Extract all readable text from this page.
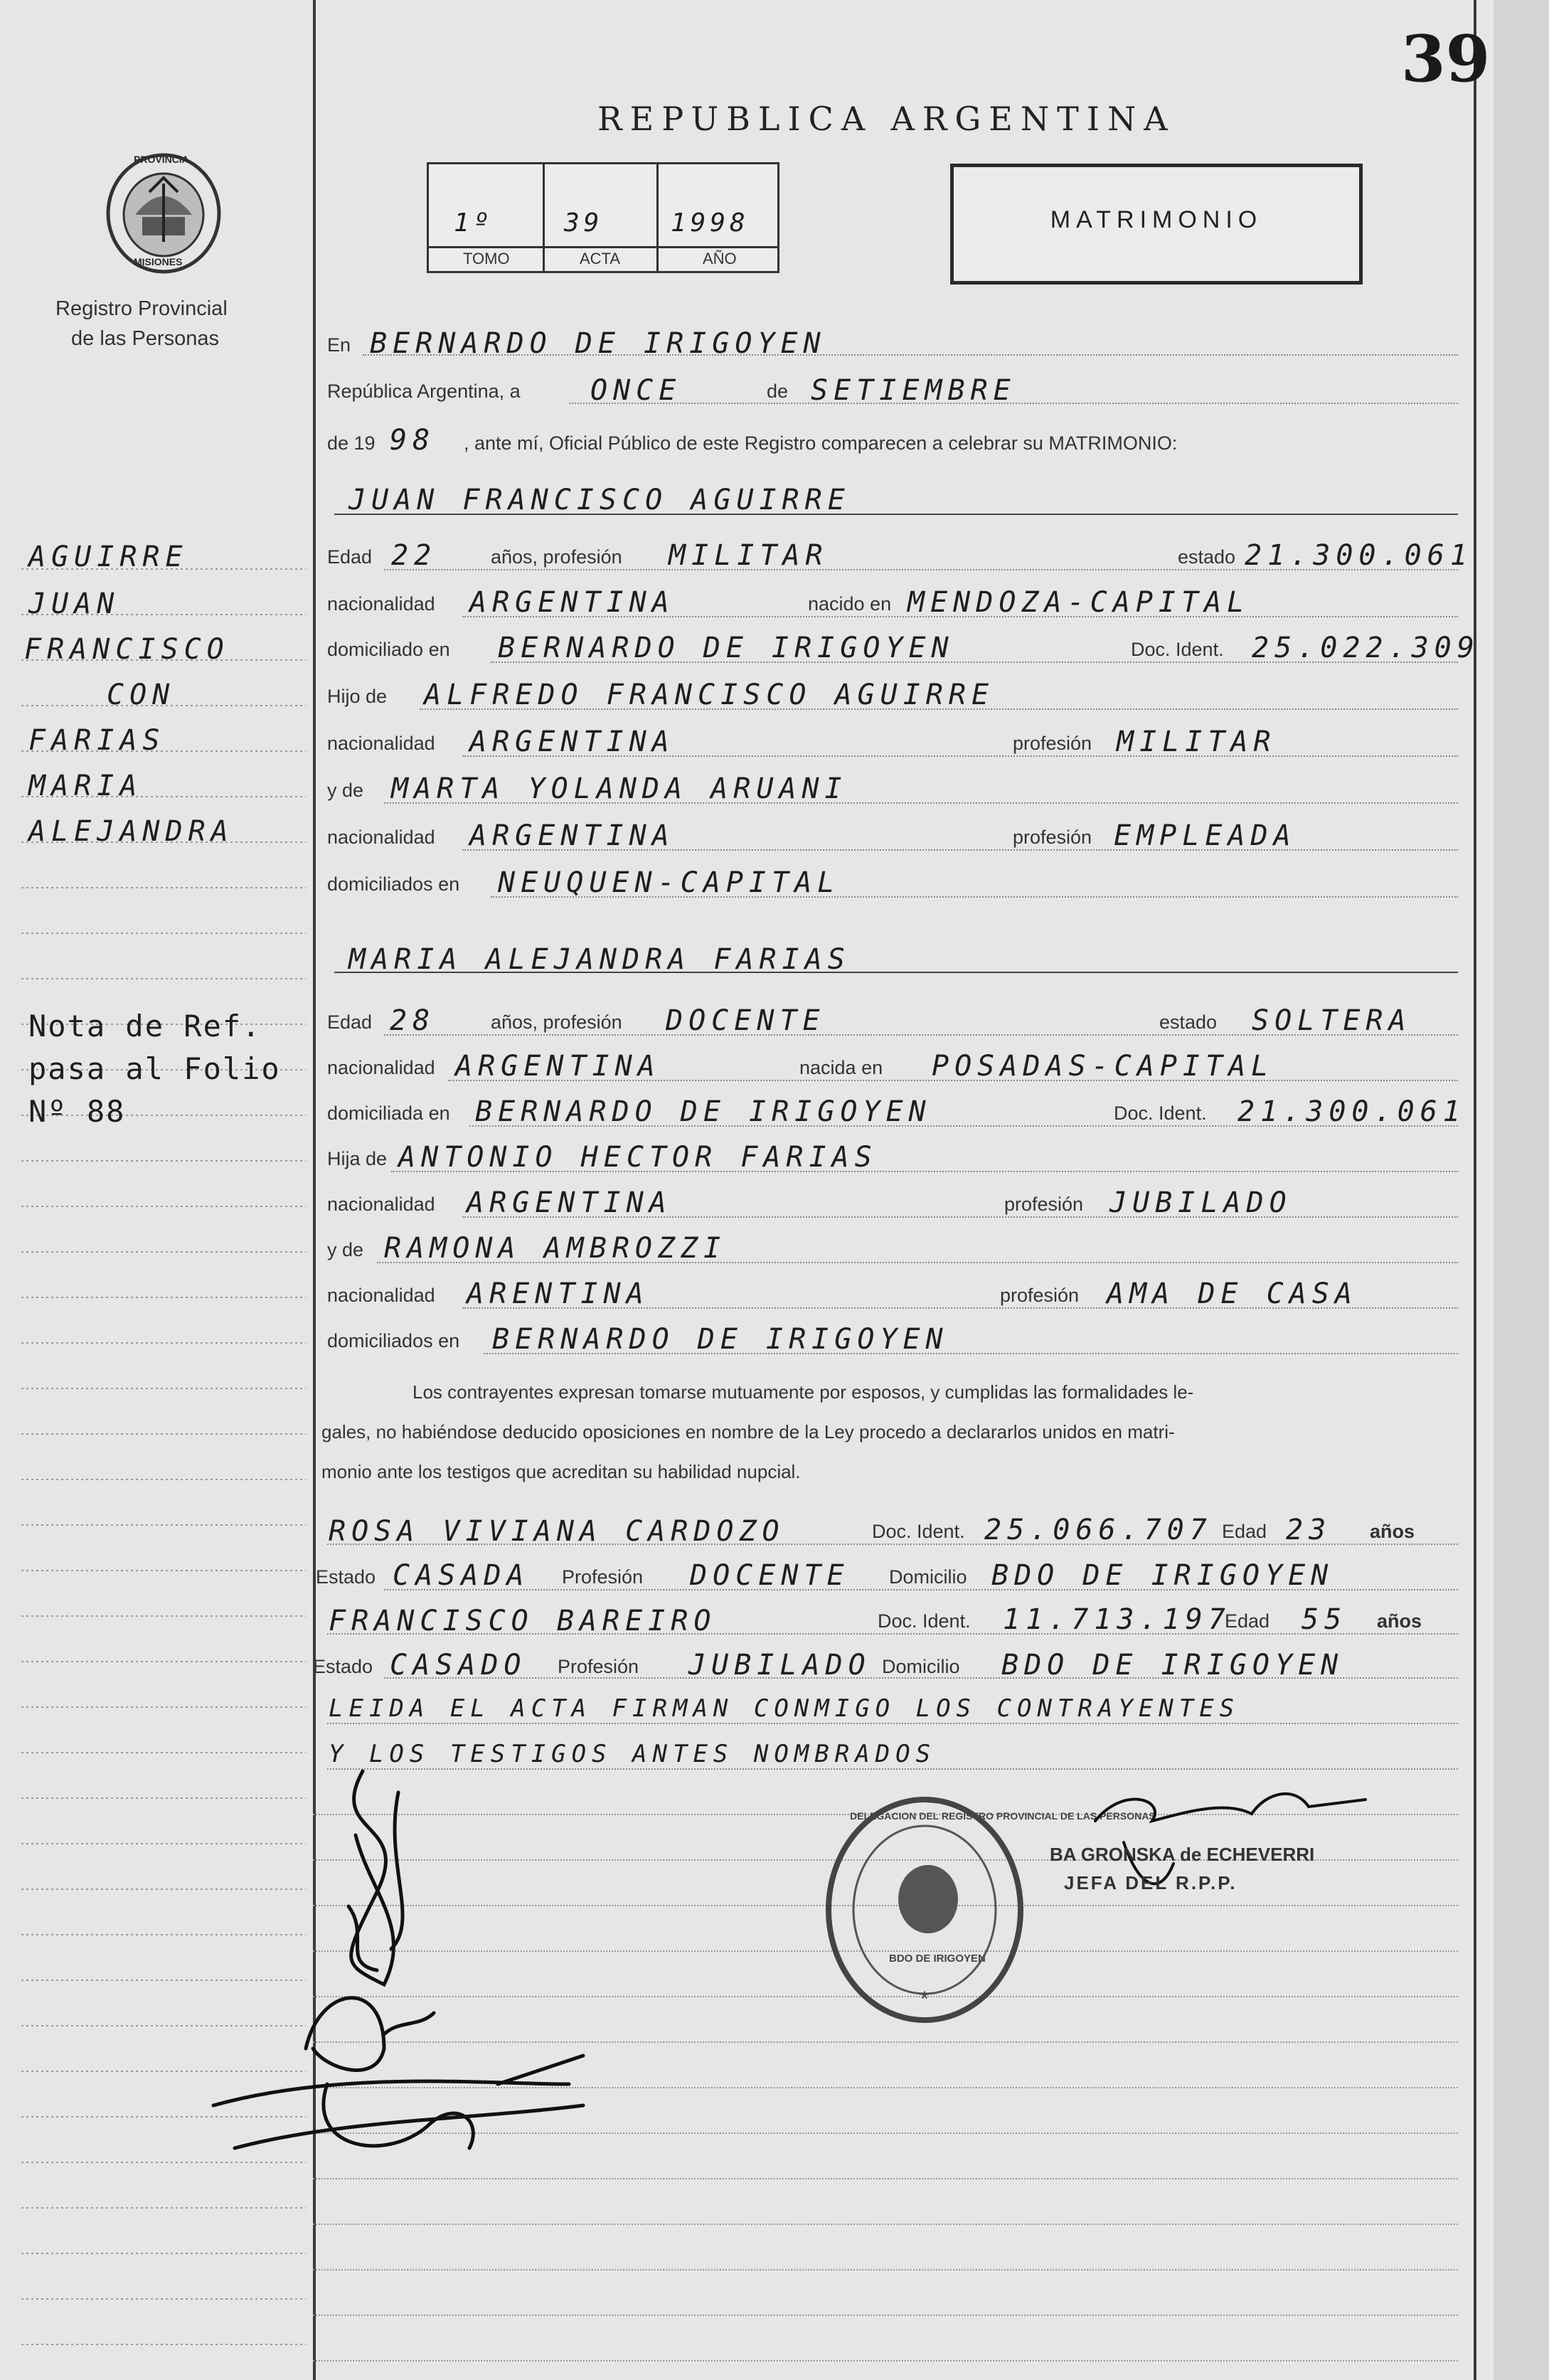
39
REPUBLICA ARGENTINA
PROVINCIA
MISIONES
Registro Provincial
de las Personas
1º	39	1998
TOMO	ACTA	AÑO
MATRIMONIO
AGUIRRE
JUAN
FRANCISCO
CON
FARIAS
MARIA
ALEJANDRA
Nota de Ref.
pasa al Folio
Nº 88
En BERNARDO DE IRIGOYEN
República Argentina, a ONCE	de SETIEMBRE
de 19 98 , ante mí, Oficial Público de este Registro comparecen a celebrar su MATRIMONIO:
JUAN FRANCISCO AGUIRRE
Edad 22	años, profesión MILITAR	estado 21.300.061
nacionalidad ARGENTINA	nacido en MENDOZA-CAPITAL
domiciliado en BERNARDO DE IRIGOYEN	Doc. Ident. 25.022.309
Hijo de ALFREDO FRANCISCO AGUIRRE
nacionalidad ARGENTINA	profesión MILITAR
y de MARTA YOLANDA ARUANI
nacionalidad ARGENTINA	profesión EMPLEADA
domiciliados en NEUQUEN-CAPITAL
MARIA ALEJANDRA FARIAS
Edad 28	años, profesión DOCENTE	estado SOLTERA
nacionalidad ARGENTINA	nacida en POSADAS-CAPITAL
domiciliada en BERNARDO DE IRIGOYEN	Doc. Ident. 21.300.061
Hija de ANTONIO HECTOR FARIAS
nacionalidad ARGENTINA	profesión JUBILADO
y de RAMONA AMBROZZI
nacionalidad ARENTINA	profesión AMA DE CASA
domiciliados en BERNARDO DE IRIGOYEN
Los contrayentes expresan tomarse mutuamente por esposos, y cumplidas las formalidades le-
gales, no habiéndose deducido oposiciones en nombre de la Ley procedo a declararlos unidos en matri-
monio ante los testigos que acreditan su habilidad nupcial.
ROSA VIVIANA CARDOZO	Doc. Ident. 25.066.707 Edad 23 años
Estado CASADA Profesión DOCENTE Domicilio BDO DE IRIGOYEN
FRANCISCO BAREIRO	Doc. Ident. 11.713.197
Edad 55 años
Estado CASADO Profesión JUBILADO Domicilio BDO DE IRIGOYEN
LEIDA EL ACTA FIRMAN CONMIGO LOS CONTRAYENTES
Y LOS TESTIGOS ANTES NOMBRADOS
*
DELEGACION DEL REGISTRO PROVINCIAL DE LAS PERSONAS
BDO DE IRIGOYEN
BA GRONSKA de ECHEVERRI
JEFA DEL R.P.P.
